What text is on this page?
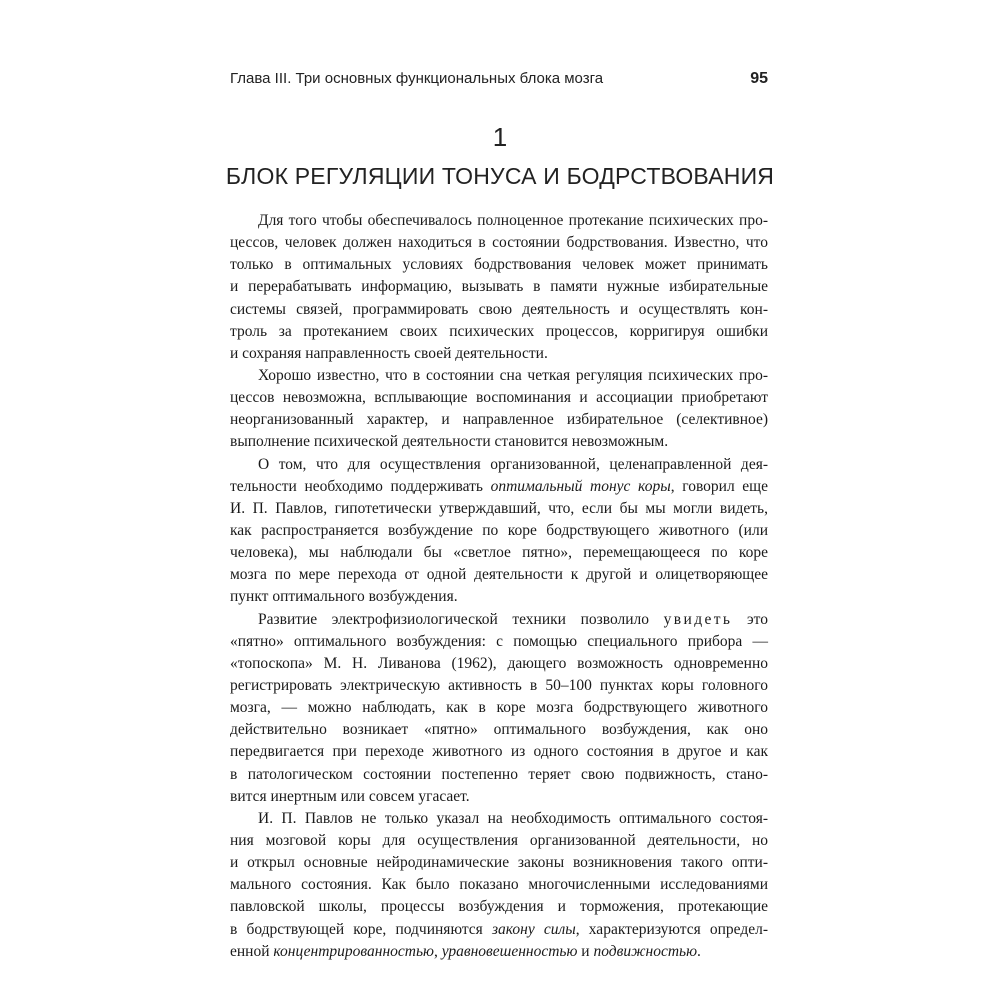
Глава III. Три основных функциональных блока мозга	95
1
БЛОК РЕГУЛЯЦИИ ТОНУСА И БОДРСТВОВАНИЯ
Для того чтобы обеспечивалось полноценное протекание психических про-
цессов, человек должен находиться в состоянии бодрствования. Известно, что
только в оптимальных условиях бодрствования человек может принимать
и перерабатывать информацию, вызывать в памяти нужные избирательные
системы связей, программировать свою деятельность и осуществлять кон-
троль за протеканием своих психических процессов, корригируя ошибки
и сохраняя направленность своей деятельности.
Хорошо известно, что в состоянии сна четкая регуляция психических про-
цессов невозможна, всплывающие воспоминания и ассоциации приобретают
неорганизованный характер, и направленное избирательное (селективное)
выполнение психической деятельности становится невозможным.
О том, что для осуществления организованной, целенаправленной дея-
тельности необходимо поддерживать оптимальный тонус коры, говорил еще
И. П. Павлов, гипотетически утверждавший, что, если бы мы могли видеть,
как распространяется возбуждение по коре бодрствующего животного (или
человека), мы наблюдали бы «светлое пятно», перемещающееся по коре
мозга по мере перехода от одной деятельности к другой и олицетворяющее
пункт оптимального возбуждения.
Развитие электрофизиологической техники позволило увидеть это
«пятно» оптимального возбуждения: с помощью специального прибора —
«топоскопа» М. Н. Ливанова (1962), дающего возможность одновременно
регистрировать электрическую активность в 50–100 пунктах коры головного
мозга, — можно наблюдать, как в коре мозга бодрствующего животного
действительно возникает «пятно» оптимального возбуждения, как оно
передвигается при переходе животного из одного состояния в другое и как
в патологическом состоянии постепенно теряет свою подвижность, стано-
вится инертным или совсем угасает.
И. П. Павлов не только указал на необходимость оптимального состоя-
ния мозговой коры для осуществления организованной деятельности, но
и открыл основные нейродинамические законы возникновения такого опти-
мального состояния. Как было показано многочисленными исследованиями
павловской школы, процессы возбуждения и торможения, протекающие
в бодрствующей коре, подчиняются закону силы, характеризуются определ-
енной концентрированностью, уравновешенностью и подвижностью.
